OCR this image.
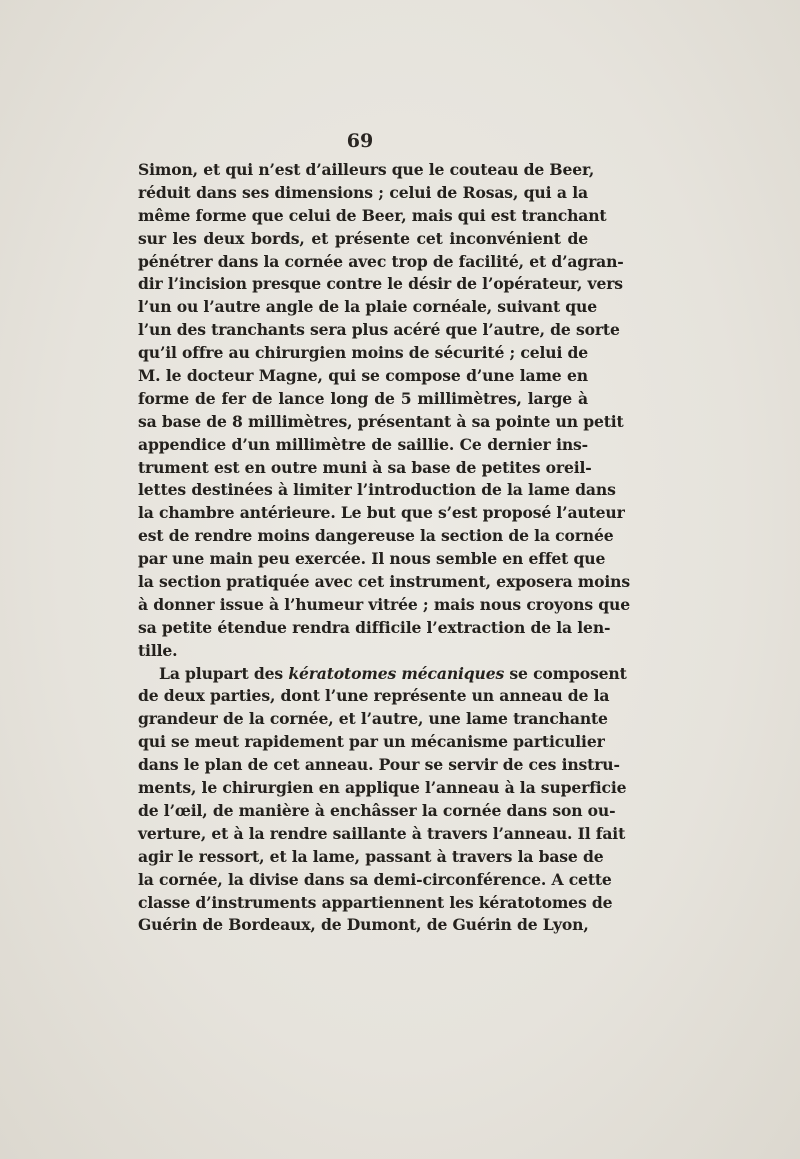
69
Simon, et qui n’est d’ailleurs que le couteau de Beer,
réduit dans ses dimensions ; celui de Rosas, qui a la
même forme que celui de Beer, mais qui est tranchant
sur les deux bords, et présente cet inconvénient de
pénétrer dans la cornée avec trop de facilité, et d’agran-
dir l’incision presque contre le désir de l’opérateur, vers
l’un ou l’autre angle de la plaie cornéale, suivant que
l’un des tranchants sera plus acéré que l’autre, de sorte
qu’il offre au chirurgien moins de sécurité ; celui de
M. le docteur Magne, qui se compose d’une lame en
forme de fer de lance long de 5 millimètres, large à
sa base de 8 millimètres, présentant à sa pointe un petit
appendice d’un millimètre de saillie. Ce dernier ins-
trument est en outre muni à sa base de petites oreil-
lettes destinées à limiter l’introduction de la lame dans
la chambre antérieure. Le but que s’est proposé l’auteur
est de rendre moins dangereuse la section de la cornée
par une main peu exercée. Il nous semble en effet que
la section pratiquée avec cet instrument, exposera moins
à donner issue à l’humeur vitrée ; mais nous croyons que
sa petite étendue rendra difficile l’extraction de la len-
tille.
La plupart des kératotomes mécaniques se composent
de deux parties, dont l’une représente un anneau de la
grandeur de la cornée, et l’autre, une lame tranchante
qui se meut rapidement par un mécanisme particulier
dans le plan de cet anneau. Pour se servir de ces instru-
ments, le chirurgien en applique l’anneau à la superficie
de l’œil, de manière à enchâsser la cornée dans son ou-
verture, et à la rendre saillante à travers l’anneau. Il fait
agir le ressort, et la lame, passant à travers la base de
la cornée, la divise dans sa demi-circonférence. A cette
classe d’instruments appartiennent les kératotomes de
Guérin de Bordeaux, de Dumont, de Guérin de Lyon,
